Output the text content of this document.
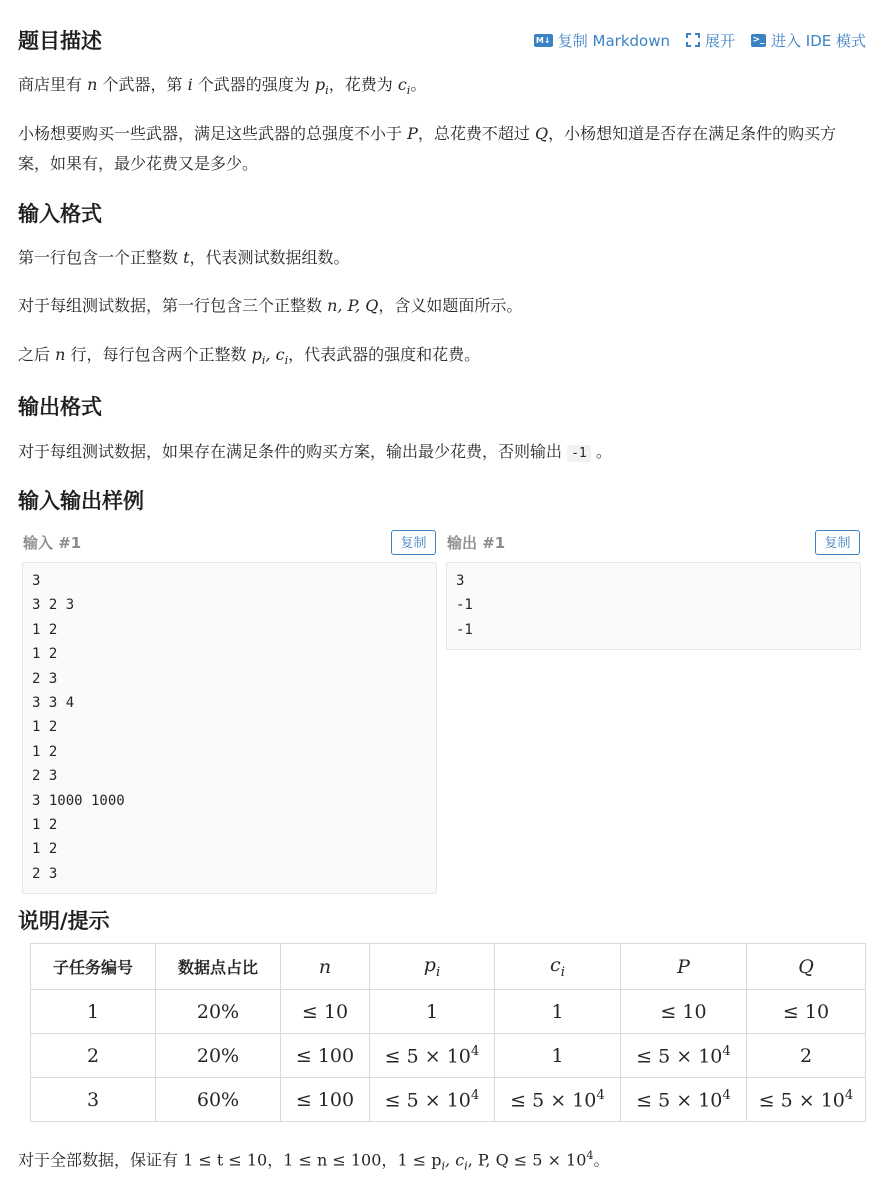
题目描述	M↓ 复制 Markdown 展开 >_ 进入 IDE 模式
商店里有 n 个武器，第 i 个武器的强度为 $p_i$，花费为 $c_i$。
小杨想要购买一些武器，满足这些武器的总强度不小于 P，总花费不超过 Q，小杨想知道是否存在满足条件的购买方案，如果有，最少花费又是多少。
输入格式
第一行包含一个正整数 t，代表测试数据组数。
对于每组测试数据，第一行包含三个正整数 n, P, Q，含义如题面所示。
之后 n 行，每行包含两个正整数 $p_i$, $c_i$，代表武器的强度和花费。
输出格式
对于每组测试数据，如果存在满足条件的购买方案，输出最少花费，否则输出 -1 。
输入输出样例
输入 #1	复制
3
3 2 3
1 2
1 2
2 3
3 3 4
1 2
1 2
2 3
3 1000 1000
1 2
1 2
2 3
输出 #1	复制
3
-1
-1
说明/提示
子任务编号	数据点占比	n	$p_i$	$c_i$	P	Q
1	20%	≤ 10	1	1	≤ 10	≤ 10
2	20%	≤ 100	≤ $5 \times 10^4$	1	≤ $5 \times 10^4$	2
3	60%	≤ 100	≤ $5 \times 10^4$	≤ $5 \times 10^4$	≤ $5 \times 10^4$	≤ $5 \times 10^4$
对于全部数据，保证有 1 ≤ t ≤ 10，1 ≤ n ≤ 100，$1 \le p_i$, $c_i$, P, $Q \le 5 \times 10^4$。
